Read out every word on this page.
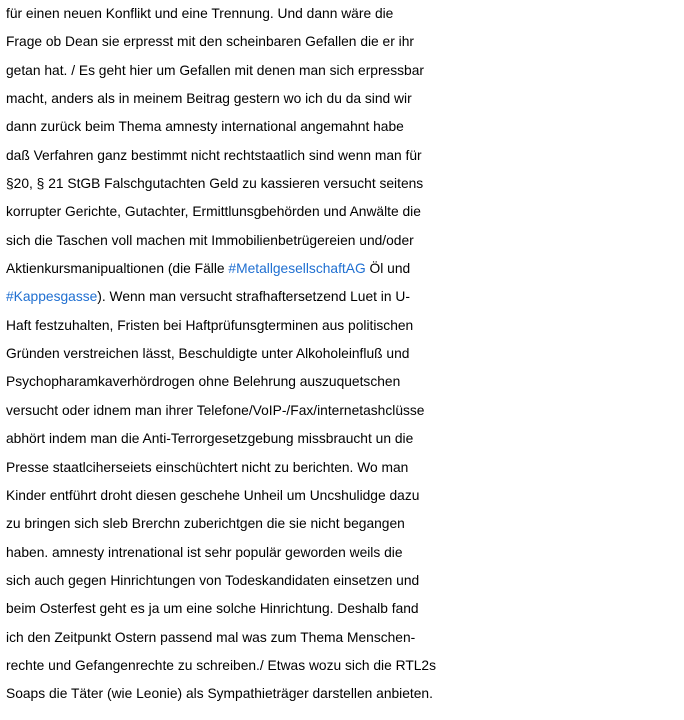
für einen neuen Konflikt und eine Trennung. Und dann wäre die
Frage ob Dean sie erpresst mit den scheinbaren Gefallen die er ihr
getan hat. / Es geht hier um Gefallen mit denen man sich erpressbar
macht, anders als in meinem Beitrag gestern wo ich du da sind wir
dann zurück beim Thema amnesty international angemahnt habe
daß Verfahren ganz bestimmt nicht rechtstaatlich sind wenn man für
§20, § 21 StGB Falschgutachten Geld zu kassieren versucht seitens
korrupter Gerichte, Gutachter, Ermittlunsgbehörden und Anwälte die
sich die Taschen voll machen mit Immobilienbetrügereien und/oder
Aktienkursmanipualtionen (die Fälle #MetallgesellschaftAG Öl und
#Kappesgasse). Wenn man versucht strafhaftersetzend Luet in U-
Haft festzuhalten, Fristen bei Haftprüfunsgterminen aus politischen
Gründen verstreichen lässt, Beschuldigte unter Alkoholeinfluß und
Psychopharamkaverhördrogen ohne Belehrung auszuquetschen
versucht oder idnem man ihrer Telefone/VoIP-/Fax/internetashclüsse
abhört indem man die Anti-Terrorgesetzgebung missbraucht un die
Presse staatlciherseiets einschüchtert nicht zu berichten. Wo man
Kinder entführt droht diesen geschehe Unheil um Uncshulidge dazu
zu bringen sich sleb Brerchn zuberichtgen die sie nicht begangen
haben. amnesty intrenational ist sehr populär geworden weils die
sich auch gegen Hinrichtungen von Todeskandidaten einsetzen und
beim Osterfest geht es ja um eine solche Hinrichtung. Deshalb fand
ich den Zeitpunkt Ostern passend mal was zum Thema Menschen-
rechte und Gefangenrechte zu schreiben./ Etwas wozu sich die RTL2s
Soaps die Täter (wie Leonie) als Sympathieträger darstellen anbieten.
